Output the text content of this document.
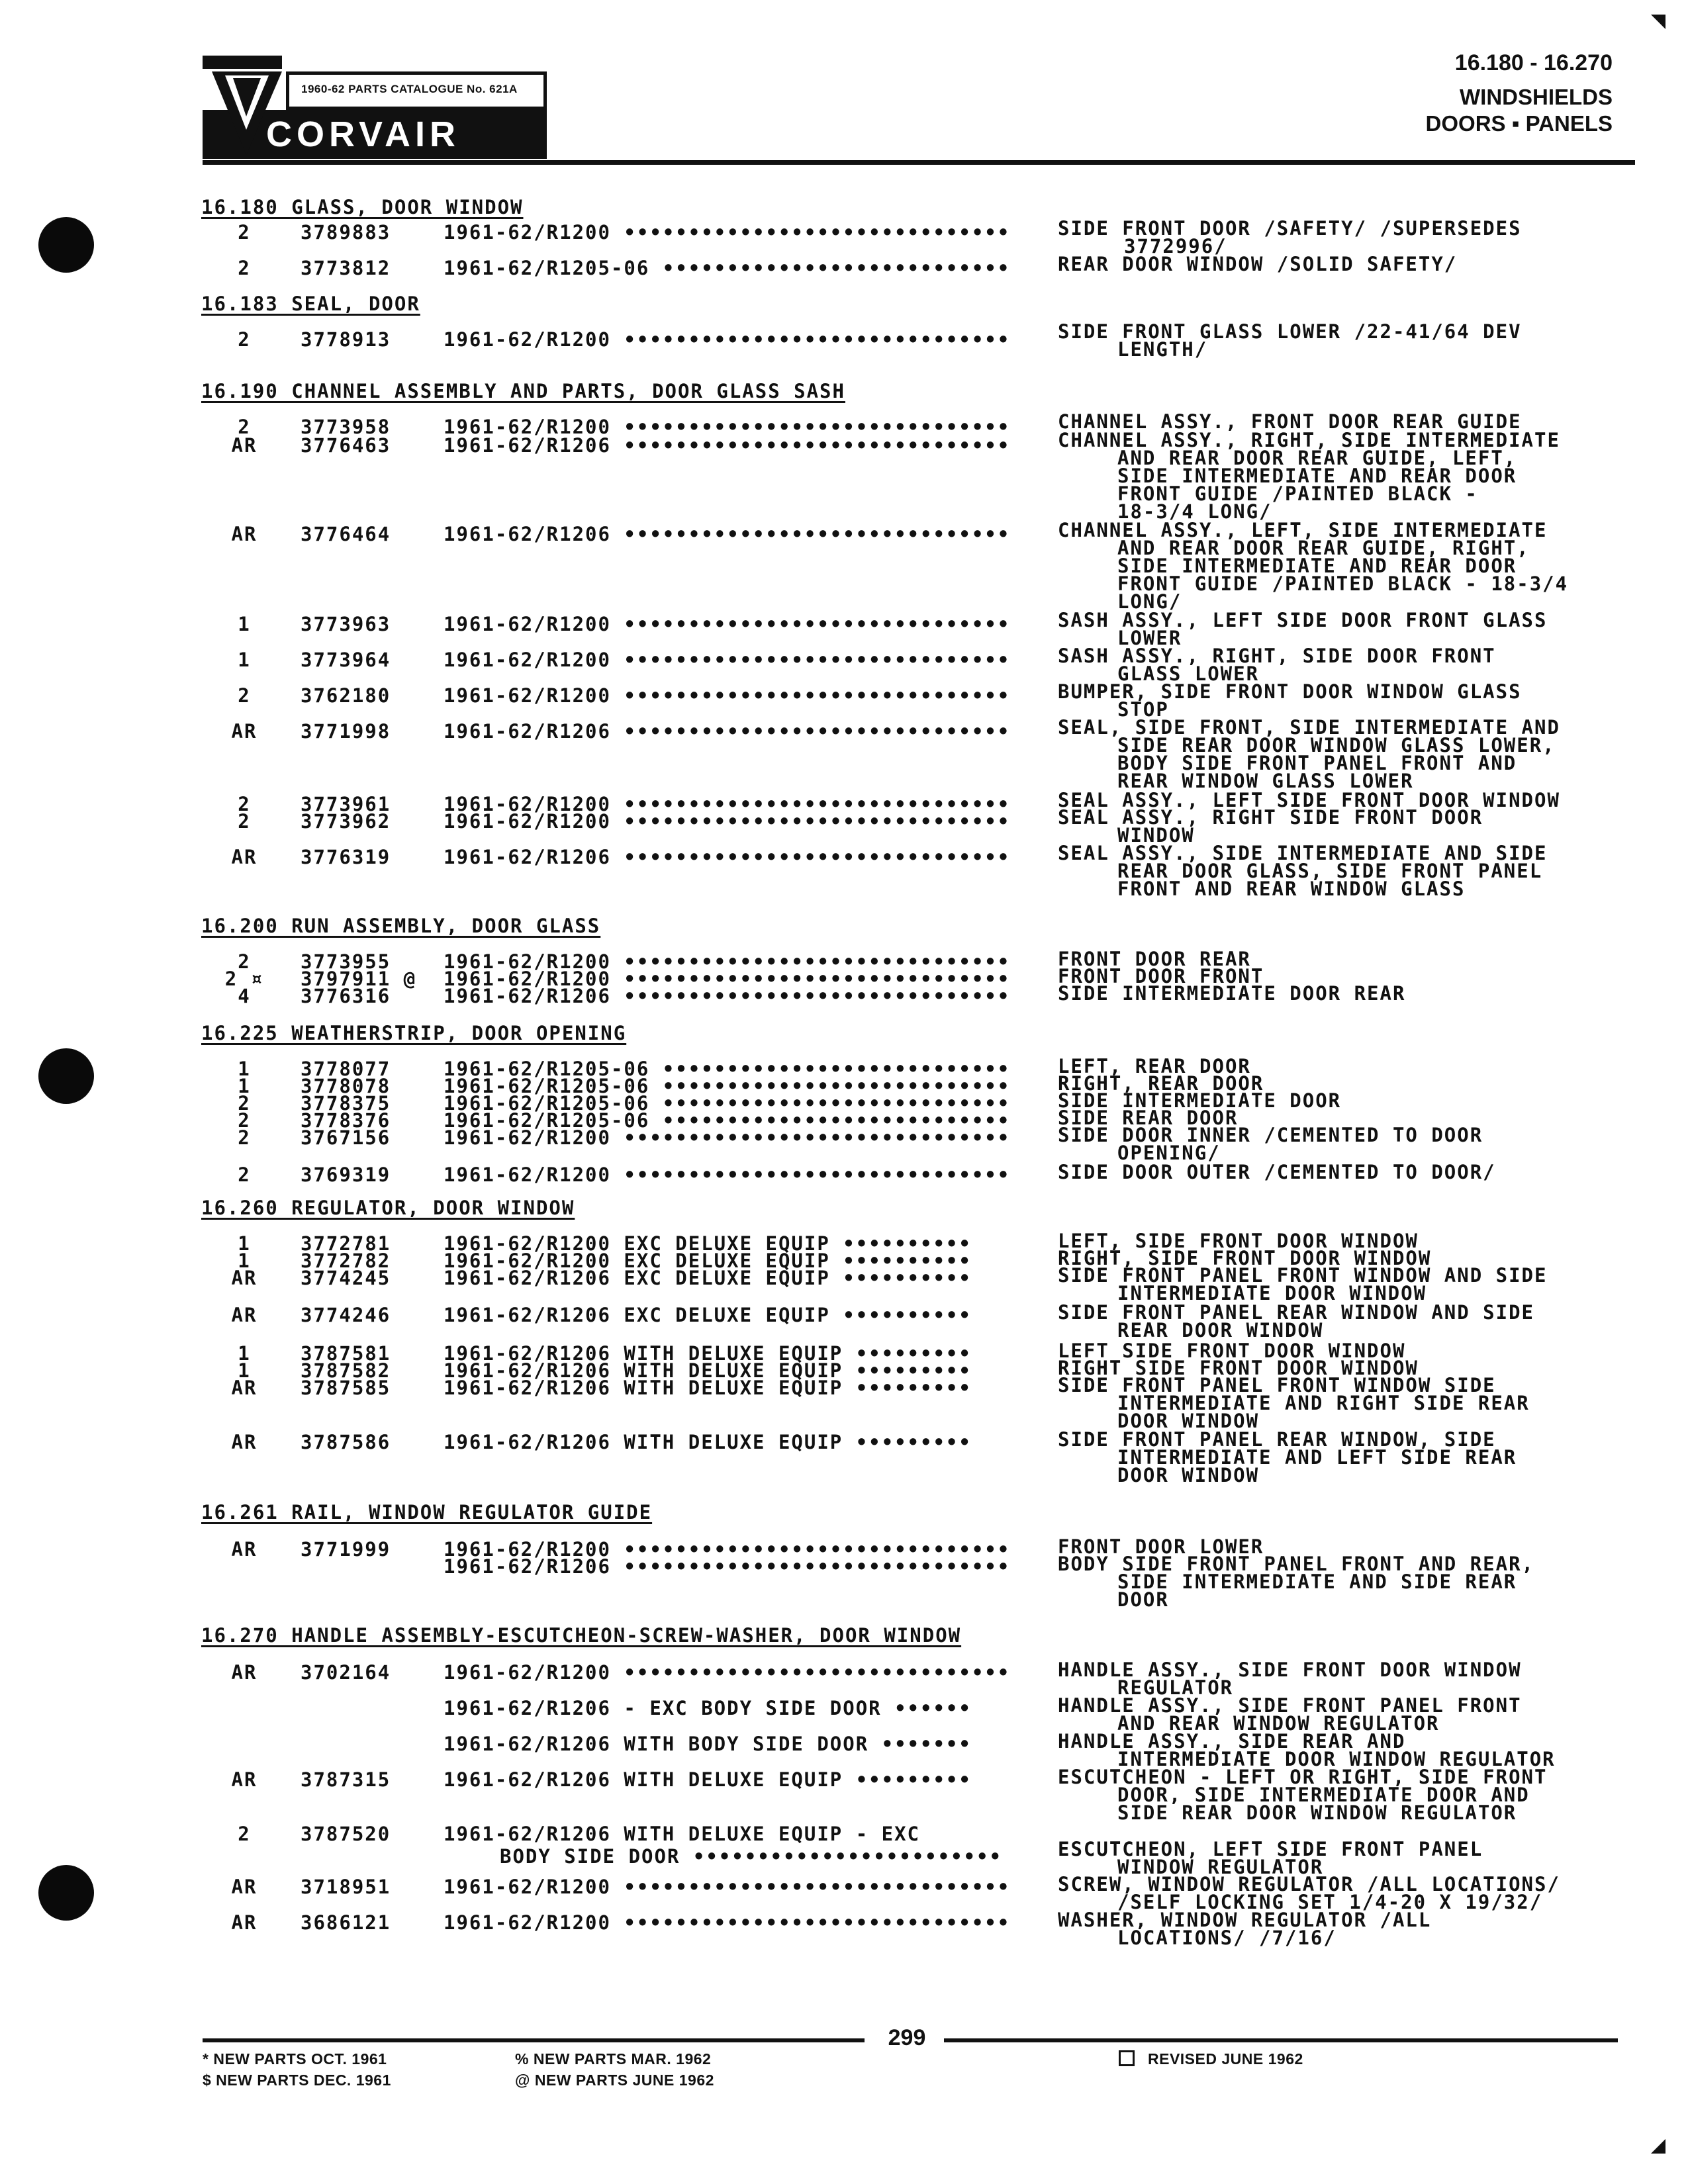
1960-62 PARTS CATALOGUE No. 621A
CORVAIR
16.180 - 16.270
WINDSHIELDS
DOORS ▪ PANELS
16.180 GLASS, DOOR WINDOW
2	3789883	1961-62/R1200 •••••••••••••••••••••••••••••• SIDE FRONT DOOR /SAFETY/ /SUPERSEDES
3772996/
2	3773812	1961-62/R1205-06 ••••••••••••••••••••••••••• REAR DOOR WINDOW /SOLID SAFETY/
16.183 SEAL, DOOR
2	3778913	1961-62/R1200 •••••••••••••••••••••••••••••• SIDE FRONT GLASS LOWER /22-41/64 DEV
LENGTH/
16.190 CHANNEL ASSEMBLY AND PARTS, DOOR GLASS SASH
2	3773958	1961-62/R1200 •••••••••••••••••••••••••••••• CHANNEL ASSY., FRONT DOOR REAR GUIDE
AR	3776463	1961-62/R1206 •••••••••••••••••••••••••••••• CHANNEL ASSY., RIGHT, SIDE INTERMEDIATE
AND REAR DOOR REAR GUIDE, LEFT,
SIDE INTERMEDIATE AND REAR DOOR
FRONT GUIDE /PAINTED BLACK -
18-3/4 LONG/
AR	3776464	1961-62/R1206 •••••••••••••••••••••••••••••• CHANNEL ASSY., LEFT, SIDE INTERMEDIATE
AND REAR DOOR REAR GUIDE, RIGHT,
SIDE INTERMEDIATE AND REAR DOOR
FRONT GUIDE /PAINTED BLACK - 18-3/4
LONG/
1	3773963	1961-62/R1200 •••••••••••••••••••••••••••••• SASH ASSY., LEFT SIDE DOOR FRONT GLASS
LOWER
1	3773964	1961-62/R1200 •••••••••••••••••••••••••••••• SASH ASSY., RIGHT, SIDE DOOR FRONT
GLASS LOWER
2	3762180	1961-62/R1200 •••••••••••••••••••••••••••••• BUMPER, SIDE FRONT DOOR WINDOW GLASS
STOP
AR	3771998	1961-62/R1206 •••••••••••••••••••••••••••••• SEAL, SIDE FRONT, SIDE INTERMEDIATE AND
SIDE REAR DOOR WINDOW GLASS LOWER,
BODY SIDE FRONT PANEL FRONT AND
REAR WINDOW GLASS LOWER
2	3773961	1961-62/R1200 •••••••••••••••••••••••••••••• SEAL ASSY., LEFT SIDE FRONT DOOR WINDOW
2	3773962	1961-62/R1200 •••••••••••••••••••••••••••••• SEAL ASSY., RIGHT SIDE FRONT DOOR
WINDOW
AR	3776319	1961-62/R1206 •••••••••••••••••••••••••••••• SEAL ASSY., SIDE INTERMEDIATE AND SIDE
REAR DOOR GLASS, SIDE FRONT PANEL
FRONT AND REAR WINDOW GLASS
16.200 RUN ASSEMBLY, DOOR GLASS
2	3773955	1961-62/R1200 •••••••••••••••••••••••••••••• FRONT DOOR REAR
2 ¤ 3797911 @ 1961-62/R1200 •••••••••••••••••••••••••••••• FRONT DOOR FRONT
4	3776316	1961-62/R1206 •••••••••••••••••••••••••••••• SIDE INTERMEDIATE DOOR REAR
16.225 WEATHERSTRIP, DOOR OPENING
1	3778077	1961-62/R1205-06 ••••••••••••••••••••••••••• LEFT, REAR DOOR
1	3778078	1961-62/R1205-06 ••••••••••••••••••••••••••• RIGHT, REAR DOOR
2	3778375	1961-62/R1205-06 ••••••••••••••••••••••••••• SIDE INTERMEDIATE DOOR
2	3778376	1961-62/R1205-06 ••••••••••••••••••••••••••• SIDE REAR DOOR
2	3767156	1961-62/R1200 •••••••••••••••••••••••••••••• SIDE DOOR INNER /CEMENTED TO DOOR
OPENING/
2	3769319	1961-62/R1200 •••••••••••••••••••••••••••••• SIDE DOOR OUTER /CEMENTED TO DOOR/
16.260 REGULATOR, DOOR WINDOW
1	3772781	1961-62/R1200 EXC DELUXE EQUIP ••••••••••	LEFT, SIDE FRONT DOOR WINDOW
1	3772782	1961-62/R1200 EXC DELUXE EQUIP ••••••••••	RIGHT, SIDE FRONT DOOR WINDOW
AR	3774245	1961-62/R1206 EXC DELUXE EQUIP ••••••••••	SIDE FRONT PANEL FRONT WINDOW AND SIDE
INTERMEDIATE DOOR WINDOW
AR	3774246	1961-62/R1206 EXC DELUXE EQUIP ••••••••••	SIDE FRONT PANEL REAR WINDOW AND SIDE
REAR DOOR WINDOW
1	3787581	1961-62/R1206 WITH DELUXE EQUIP •••••••••	LEFT SIDE FRONT DOOR WINDOW
1	3787582	1961-62/R1206 WITH DELUXE EQUIP •••••••••	RIGHT SIDE FRONT DOOR WINDOW
AR	3787585	1961-62/R1206 WITH DELUXE EQUIP •••••••••	SIDE FRONT PANEL FRONT WINDOW SIDE
INTERMEDIATE AND RIGHT SIDE REAR
DOOR WINDOW
AR	3787586	1961-62/R1206 WITH DELUXE EQUIP •••••••••	SIDE FRONT PANEL REAR WINDOW, SIDE
INTERMEDIATE AND LEFT SIDE REAR
DOOR WINDOW
16.261 RAIL, WINDOW REGULATOR GUIDE
AR	3771999	1961-62/R1200 •••••••••••••••••••••••••••••• FRONT DOOR LOWER
1961-62/R1206 •••••••••••••••••••••••••••••• BODY SIDE FRONT PANEL FRONT AND REAR,
SIDE INTERMEDIATE AND SIDE REAR
DOOR
16.270 HANDLE ASSEMBLY-ESCUTCHEON-SCREW-WASHER, DOOR WINDOW
AR	3702164	1961-62/R1200 •••••••••••••••••••••••••••••• HANDLE ASSY., SIDE FRONT DOOR WINDOW
REGULATOR
1961-62/R1206 - EXC BODY SIDE DOOR ••••••	HANDLE ASSY., SIDE FRONT PANEL FRONT
AND REAR WINDOW REGULATOR
1961-62/R1206 WITH BODY SIDE DOOR •••••••	HANDLE ASSY., SIDE REAR AND
INTERMEDIATE DOOR WINDOW REGULATOR
AR	3787315	1961-62/R1206 WITH DELUXE EQUIP •••••••••	ESCUTCHEON - LEFT OR RIGHT, SIDE FRONT
DOOR, SIDE INTERMEDIATE DOOR AND
SIDE REAR DOOR WINDOW REGULATOR
2	3787520	1961-62/R1206 WITH DELUXE EQUIP - EXC
BODY SIDE DOOR ••••••••••••••••••••••••	ESCUTCHEON, LEFT SIDE FRONT PANEL
WINDOW REGULATOR
AR	3718951	1961-62/R1200 •••••••••••••••••••••••••••••• SCREW, WINDOW REGULATOR /ALL LOCATIONS/
/SELF LOCKING SET 1/4-20 X 19/32/
AR	3686121	1961-62/R1200 •••••••••••••••••••••••••••••• WASHER, WINDOW REGULATOR /ALL
LOCATIONS/ /7/16/
299
* NEW PARTS OCT. 1961
$ NEW PARTS DEC. 1961
% NEW PARTS MAR. 1962
@ NEW PARTS JUNE 1962
REVISED JUNE 1962
